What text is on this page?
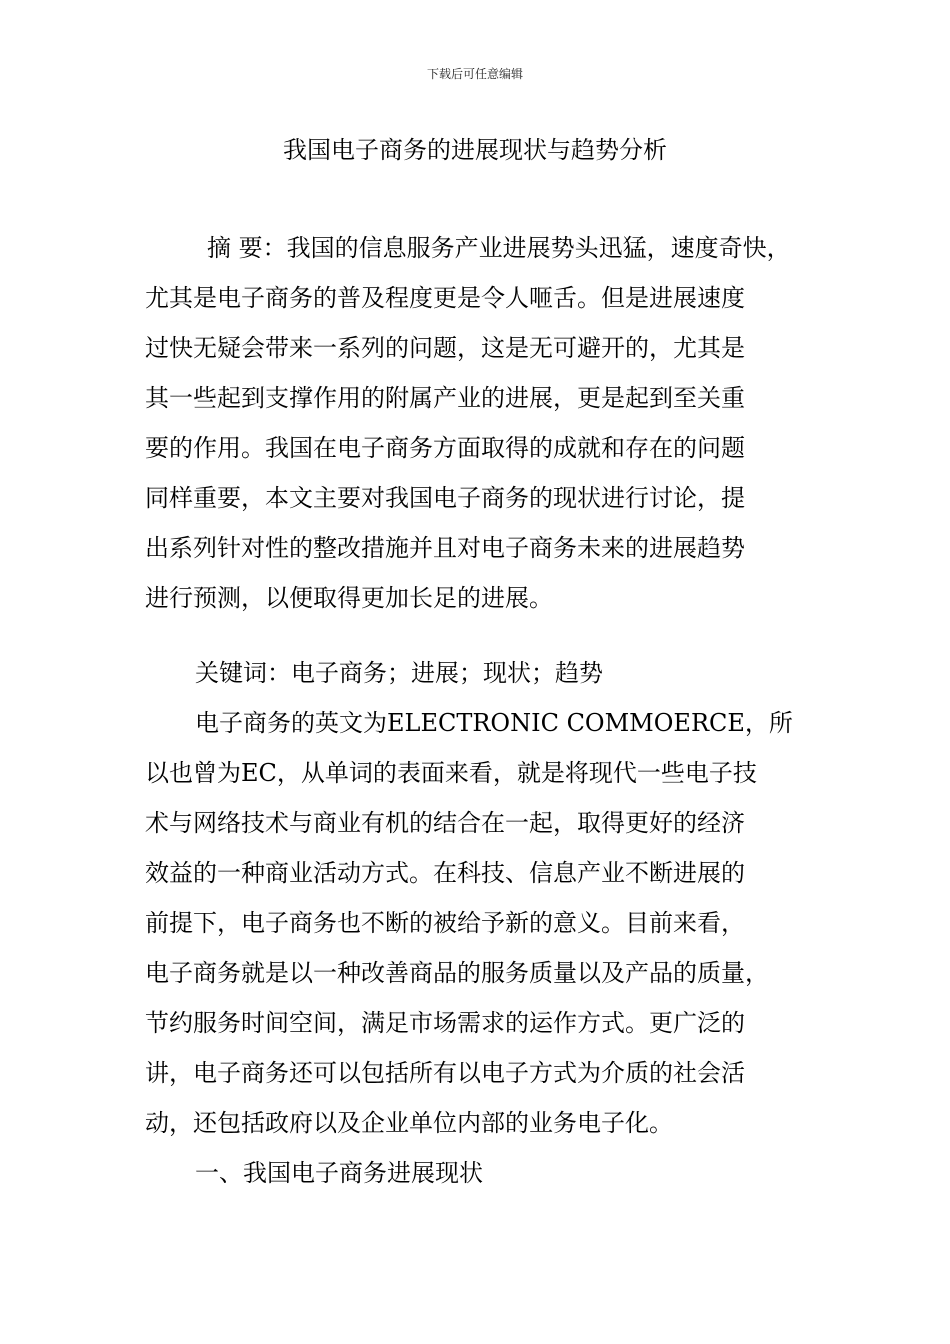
下载后可任意编辑
我国电子商务的进展现状与趋势分析
摘 要：我国的信息服务产业进展势头迅猛，速度奇快，
尤其是电子商务的普及程度更是令人咂舌。但是进展速度
过快无疑会带来一系列的问题，这是无可避开的，尤其是
其一些起到支撑作用的附属产业的进展，更是起到至关重
要的作用。我国在电子商务方面取得的成就和存在的问题
同样重要，本文主要对我国电子商务的现状进行讨论，提
出系列针对性的整改措施并且对电子商务未来的进展趋势
进行预测，以便取得更加长足的进展。
关键词：电子商务；进展；现状；趋势
电子商务的英文为ELECTRONIC COMMOERCE，所
以也曾为EC，从单词的表面来看，就是将现代一些电子技
术与网络技术与商业有机的结合在一起，取得更好的经济
效益的一种商业活动方式。在科技、信息产业不断进展的
前提下，电子商务也不断的被给予新的意义。目前来看，
电子商务就是以一种改善商品的服务质量以及产品的质量，
节约服务时间空间，满足市场需求的运作方式。更广泛的
讲，电子商务还可以包括所有以电子方式为介质的社会活
动，还包括政府以及企业单位内部的业务电子化。
一、我国电子商务进展现状
